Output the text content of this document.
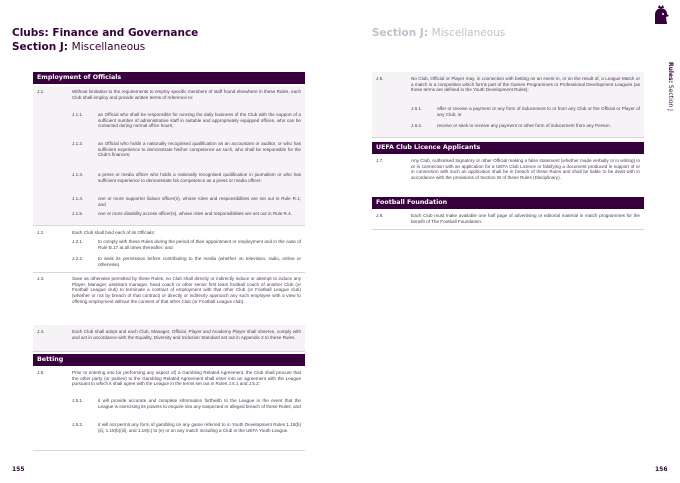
Clubs: Finance and Governance
Section J: Miscellaneous
Employment of Officials
J.1.	Without limitation to the requirements to employ specific members of staff found elsewhere in these Rules, each Club shall employ and provide written terms of reference to:
J.1.1.	an Official who shall be responsible for running the daily business of the Club with the support of a sufficient number of administrative staff in suitable and appropriately equipped offices, who can be contacted during normal office hours;
J.1.2.	an Official who holds a nationally recognised qualification as an accountant or auditor, or who has sufficient experience to demonstrate his/her competence as such, who shall be responsible for the Club's finances;
J.1.3.	a press or media officer who holds a nationally recognised qualification in journalism or who has sufficient experience to demonstrate his competence as a press or media officer;
J.1.4.	one or more supporter liaison officer(s), whose roles and responsibilities are set out in Rule R.1; and
J.1.5.	one or more disability access officer(s), whose roles and responsibilities are set out in Rule R.4.
J.2.	Each Club shall bind each of its Officials:
J.2.1.	to comply with these Rules during the period of their appointment or employment and in the case of Rule B.17 at all times thereafter; and
J.2.2.	to seek its permission before contributing to the media (whether on television, radio, online or otherwise).
J.3.	Save as otherwise permitted by these Rules, no Club shall directly or indirectly induce or attempt to induce any Player, Manager, assistant manager, head coach or other senior first team football coach of another Club (or Football League club) to terminate a contract of employment with that other Club (or Football League club) (whether or not by breach of that contract) or directly or indirectly approach any such employee with a view to offering employment without the consent of that other Club (or Football League club).
J.4.	Each Club shall adopt and each Club, Manager, Official, Player and Academy Player shall observe, comply with and act in accordance with the Equality, Diversity and Inclusion Standard set out in Appendix 2 to these Rules.
Betting
J.5.	Prior to entering into (or performing any aspect of) a Gambling Related Agreement, the Club shall procure that the other party (or parties) to the Gambling Related Agreement shall enter into an agreement with the League pursuant to which it shall agree with the League in the terms set out in Rules J.5.1 and J.5.2:
J.5.1.	it will provide accurate and complete information forthwith to the League in the event that the League is exercising its powers to enquire into any suspected or alleged breach of these Rules; and
J.5.2.	it will not permit any form of gambling on any game referred to in Youth Development Rules 1.18(b)(ii), 1.18(b)(iii), and 1.18(c) to (e) or on any match including a Club in the UEFA Youth League.
155
Section J: Miscellaneous
Rules: Section J
J.6.	No Club, Official or Player may, in connection with betting on an event in, or on the result of, a League Match or a match in a competition which forms part of the Games Programmes or Professional Development Leagues (as those terms are defined in the Youth Development Rules):
J.6.1.	offer or receive a payment or any form of inducement to or from any Club or the Official or Player of any Club; or
J.6.2.	receive or seek to receive any payment or other form of inducement from any Person.
UEFA Club Licence Applicants
J.7.	Any Club, Authorised Signatory or other Official making a false statement (whether made verbally or in writing) in or in connection with an application for a UEFA Club Licence or falsifying a document produced in support of or in connection with such an application shall be in breach of these Rules and shall be liable to be dealt with in accordance with the provisions of Section W of these Rules (Disciplinary).
Football Foundation
J.8.	Each Club must make available one half page of advertising or editorial material in match programmes for the benefit of The Football Foundation.
156
